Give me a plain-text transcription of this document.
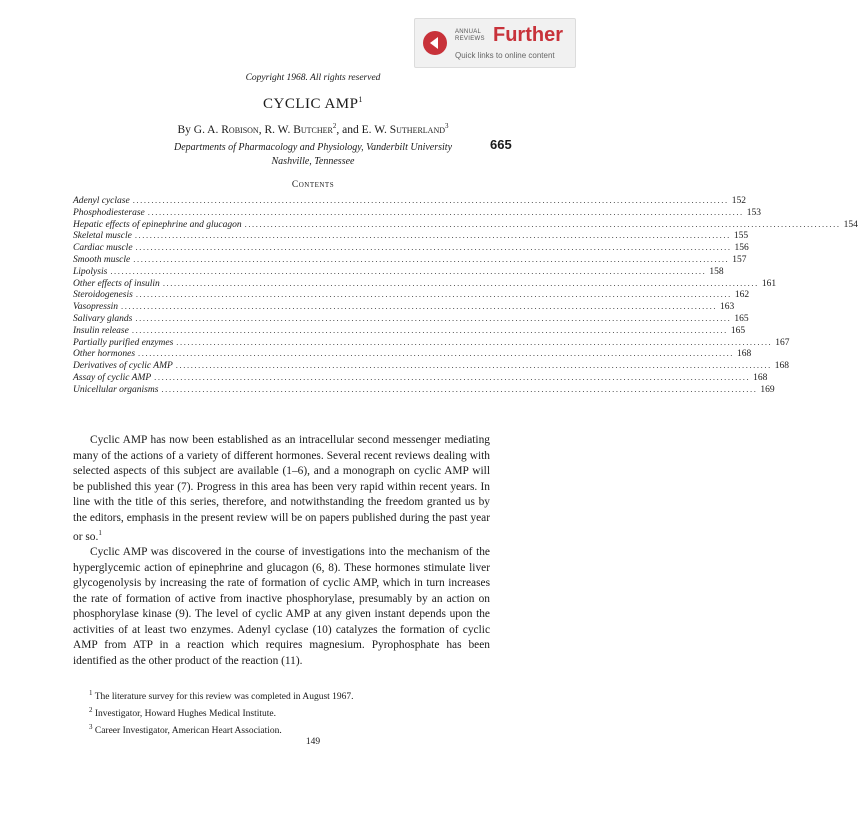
ANNUAL
REVIEWS Further
Quick links to online content
Copyright 1968. All rights reserved
CYCLIC AMP$^1$
By G. A. Robison, R. W. Butcher$^2$, and E. W. Sutherland$^3$
Departments of Pharmacology and Physiology, Vanderbilt University
Nashville, Tennessee
665
Contents
Adenyl cyclase ................................................................................................................................................................ 152
Phosphodiesterase ................................................................................................................................................................ 153
Hepatic effects of epinephrine and glucagon ................................................................................................................................................................ 154
Skeletal muscle ................................................................................................................................................................ 155
Cardiac muscle ................................................................................................................................................................ 156
Smooth muscle ................................................................................................................................................................ 157
Lipolysis ................................................................................................................................................................ 158
Other effects of insulin ................................................................................................................................................................ 161
Steroidogenesis ................................................................................................................................................................ 162
Vasopressin ................................................................................................................................................................ 163
Salivary glands ................................................................................................................................................................ 165
Insulin release ................................................................................................................................................................ 165
Partially purified enzymes ................................................................................................................................................................ 167
Other hormones ................................................................................................................................................................ 168
Derivatives of cyclic AMP ................................................................................................................................................................ 168
Assay of cyclic AMP ................................................................................................................................................................ 168
Unicellular organisms ................................................................................................................................................................ 169

Cyclic AMP has now been established as an intracellular second messenger mediating many of the actions of a variety of different hormones. Several recent reviews dealing with selected aspects of this subject are available (1–6), and a monograph on cyclic AMP will be published this year (7). Progress in this area has been very rapid within recent years. In line with the title of this series, therefore, and notwithstanding the freedom granted us by the editors, emphasis in the present review will be on papers published during the past year or so.$^1$

Cyclic AMP was discovered in the course of investigations into the mechanism of the hyperglycemic action of epinephrine and glucagon (6, 8). These hormones stimulate liver glycogenolysis by increasing the rate of formation of cyclic AMP, which in turn increases the rate of formation of active from inactive phosphorylase, presumably by an action on phosphorylase kinase (9). The level of cyclic AMP at any given instant depends upon the activities of at least two enzymes. Adenyl cyclase (10) catalyzes the formation of cyclic AMP from ATP in a reaction which requires magnesium. Pyrophosphate has been identified as the other product of the reaction (11).

$^1$ The literature survey for this review was completed in August 1967.
$^2$ Investigator, Howard Hughes Medical Institute.
$^3$ Career Investigator, American Heart Association.
149
